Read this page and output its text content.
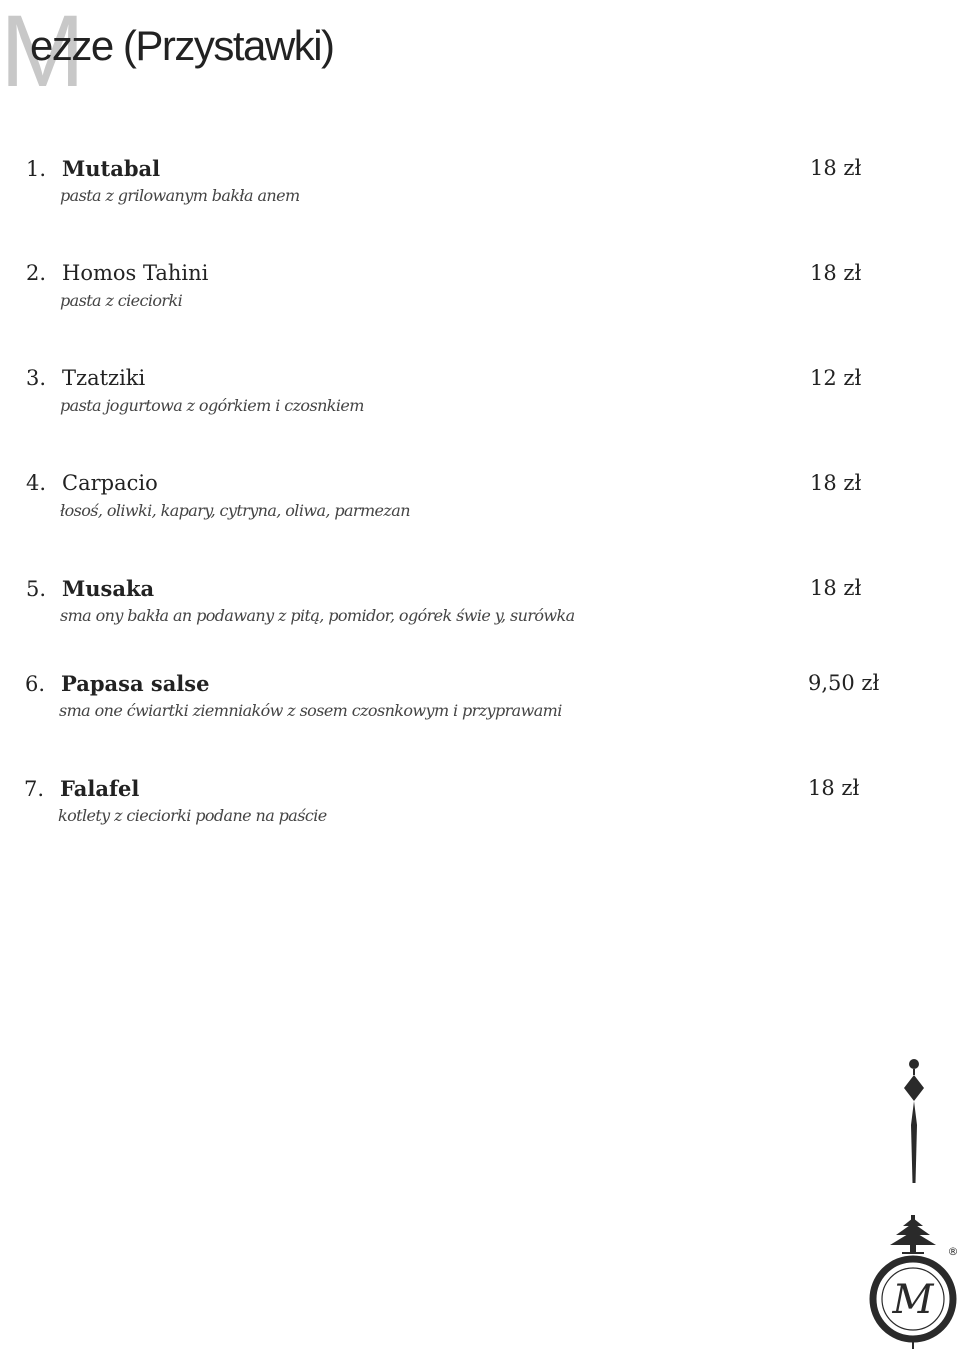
M
ezze (Przystawki)
1. Mutabal	18 zł
pasta z grilowanym bakła anem
2. Homos Tahini	18 zł
pasta z cieciorki
3. Tzatziki	12 zł
pasta jogurtowa z ogórkiem i czosnkiem
4. Carpacio	18 zł
łosoś, oliwki, kapary, cytryna, oliwa, parmezan
5. Musaka	18 zł
sma ony bakła an podawany z pitą, pomidor, ogórek świe y, surówka
6. Papasa salse	9,50 zł
sma one ćwiartki ziemniaków z sosem czosnkowym i przyprawami
7. Falafel	18 zł
kotlety z cieciorki podane na paście
M
®
